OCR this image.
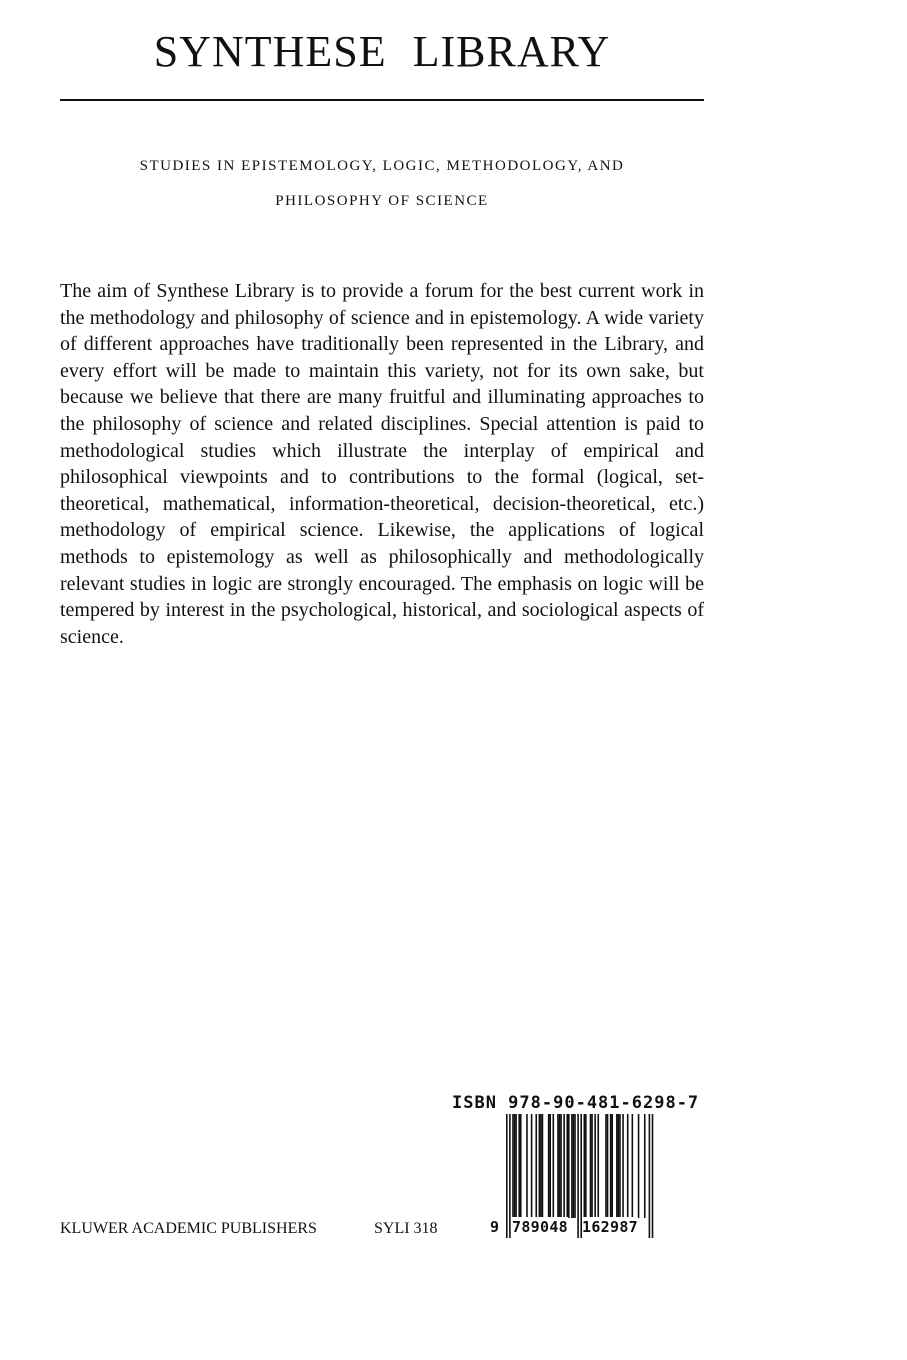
SYNTHESE LIBRARY
STUDIES IN EPISTEMOLOGY, LOGIC, METHODOLOGY, AND
PHILOSOPHY OF SCIENCE

The aim of Synthese Library is to provide a forum for the best current work in the methodology and philosophy of science and in epistemology. A wide variety of different approaches have traditionally been represented in the Library, and every effort will be made to maintain this variety, not for its own sake, but because we believe that there are many fruitful and illuminating approaches to the philosophy of science and related disciplines. Special attention is paid to methodological studies which illustrate the interplay of empirical and philosophical viewpoints and to contributions to the formal (logical, set-theoretical, mathematical, information-theoretical, decision-theoretical, etc.) methodology of empirical science. Likewise, the applications of logical methods to epistemology as well as philosophically and methodologically relevant studies in logic are strongly encouraged. The emphasis on logic will be tempered by interest in the psychological, historical, and sociological aspects of science.

KLUWER ACADEMIC PUBLISHERS	SYLI 318
ISBN 978-90-481-6298-7
9 789048 162987
